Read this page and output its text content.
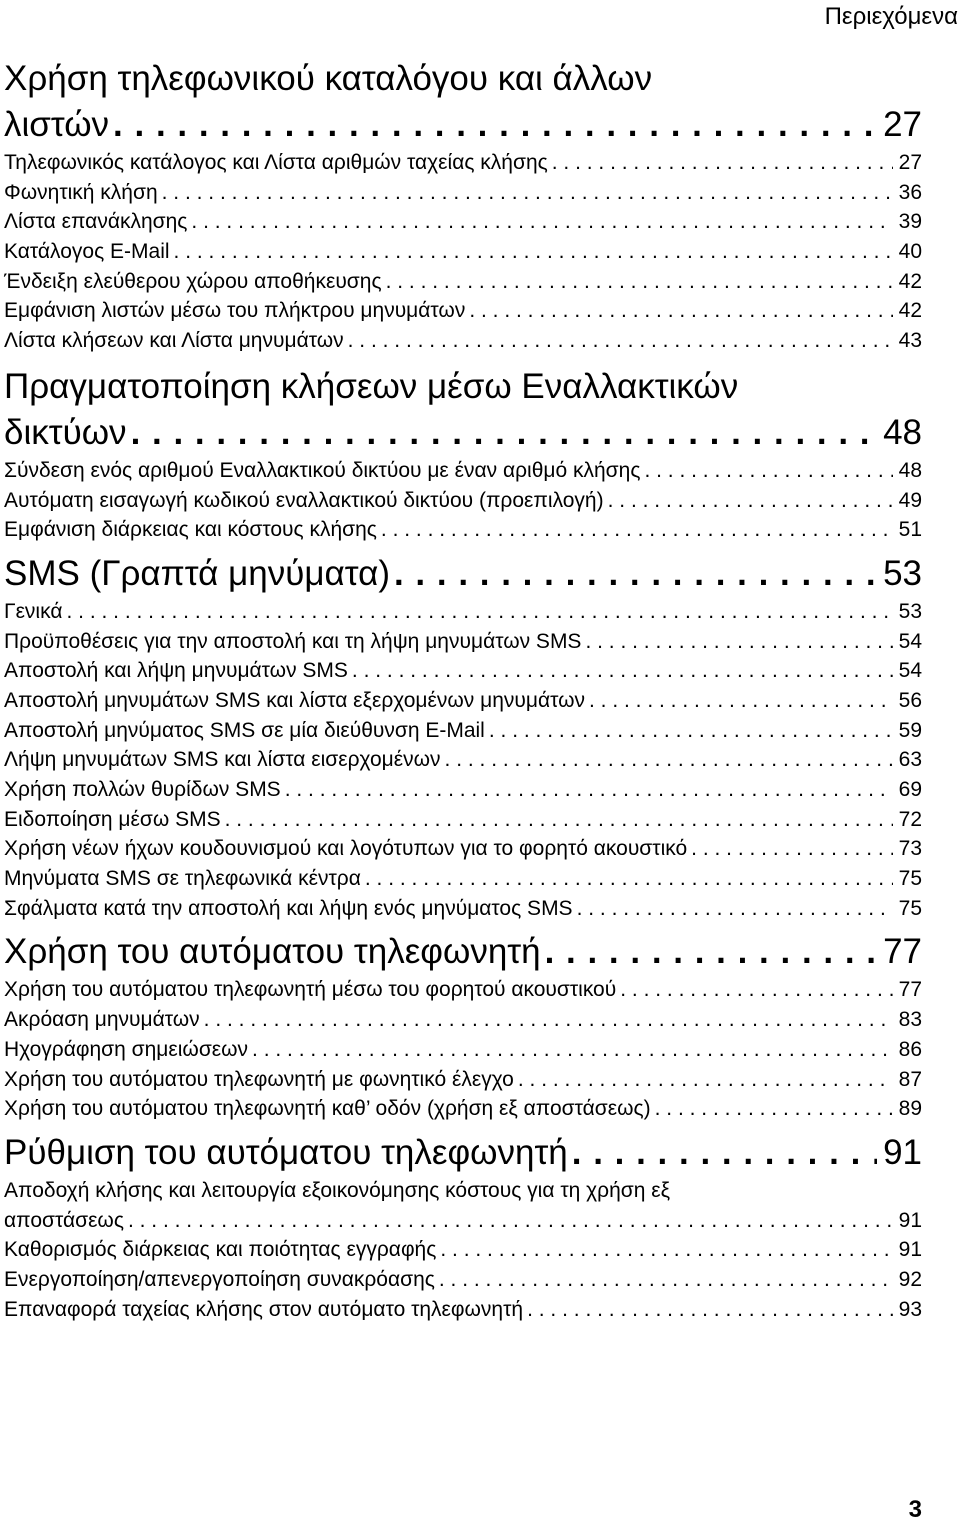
Περιεχόμενα
Χρήση τηλεφωνικού καταλόγου και άλλων
λιστών . . .	27
Τηλεφωνικός κατάλογος και Λίστα αριθμών ταχείας κλήσης . . .	27
Φωνητική κλήση . . .	36
Λίστα επανάκλησης . . .	39
Κατάλογος E-Mail . . .	40
Ένδειξη ελεύθερου χώρου αποθήκευσης . . .	42
Εμφάνιση λιστών μέσω του πλήκτρου μηνυμάτων . . .	42
Λίστα κλήσεων και Λίστα μηνυμάτων . . .	43
Πραγματοποίηση κλήσεων μέσω Εναλλακτικών
δικτύων . . .	48
Σύνδεση ενός αριθμού Εναλλακτικού δικτύου με έναν αριθμό κλήσης . . .	48
Αυτόματη εισαγωγή κωδικού εναλλακτικού δικτύου (προεπιλογή) . . .	49
Εμφάνιση διάρκειας και κόστους κλήσης . . .	51
SMS (Γραπτά μηνύματα) . . .	53
Γενικά . . .	53
Προϋποθέσεις για την αποστολή και τη λήψη μηνυμάτων SMS . . .	54
Αποστολή και λήψη μηνυμάτων SMS . . .	54
Αποστολή μηνυμάτων SMS και λίστα εξερχομένων μηνυμάτων . . .	56
Αποστολή μηνύματος SMS σε μία διεύθυνση E-Mail . . .	59
Λήψη μηνυμάτων SMS και λίστα εισερχομένων . . .	63
Χρήση πολλών θυρίδων SMS . . .	69
Ειδοποίηση μέσω SMS . . .	72
Χρήση νέων ήχων κουδουνισμού και λογότυπων για το φορητό ακουστικό . . .	73
Μηνύματα SMS σε τηλεφωνικά κέντρα . . .	75
Σφάλματα κατά την αποστολή και λήψη ενός μηνύματος SMS . . .	75
Χρήση του αυτόματου τηλεφωνητή . . .	77
Χρήση του αυτόματου τηλεφωνητή μέσω του φορητού ακουστικού . . .	77
Ακρόαση μηνυμάτων . . .	83
Ηχογράφηση σημειώσεων . . .	86
Χρήση του αυτόματου τηλεφωνητή με φωνητικό έλεγχο . . .	87
Χρήση του αυτόματου τηλεφωνητή καθ’ οδόν (χρήση εξ αποστάσεως) . . .	89
Ρύθμιση του αυτόματου τηλεφωνητή . . .	91
Αποδοχή κλήσης και λειτουργία εξοικονόμησης κόστους για τη χρήση εξ
αποστάσεως . . .	91
Καθορισμός διάρκειας και ποιότητας εγγραφής . . .	91
Ενεργοποίηση/απενεργοποίηση συνακρόασης . . .	92
Επαναφορά ταχείας κλήσης στον αυτόματο τηλεφωνητή . . .	93
3
